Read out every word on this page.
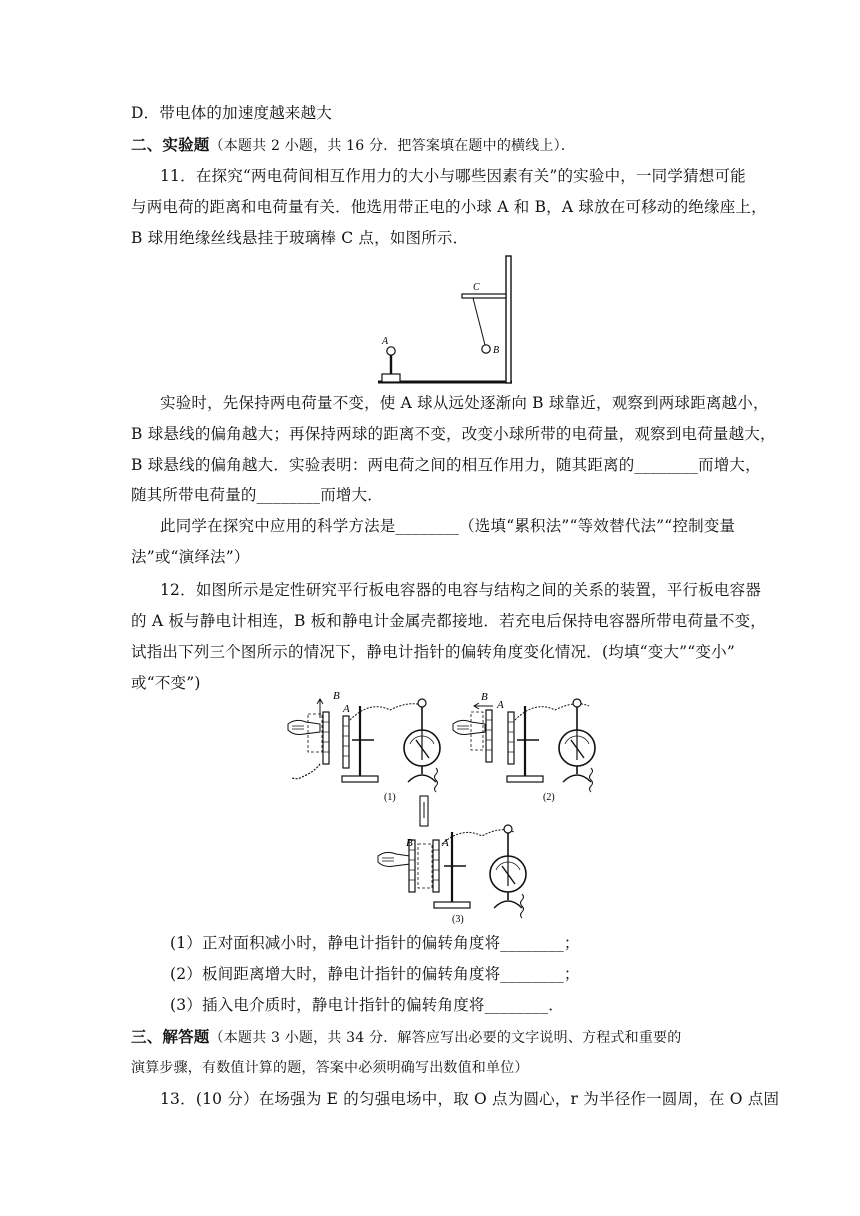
D．带电体的加速度越来越大
二、实验题（本题共 2 小题，共 16 分．把答案填在题中的横线上）．
11．在探究“两电荷间相互作用力的大小与哪些因素有关”的实验中，一同学猜想可能
与两电荷的距离和电荷量有关．他选用带正电的小球 A 和 B，A 球放在可移动的绝缘座上，
B 球用绝缘丝线悬挂于玻璃棒 C 点，如图所示．
A
B
C
实验时，先保持两电荷量不变，使 A 球从远处逐渐向 B 球靠近，观察到两球距离越小，
B 球悬线的偏角越大；再保持两球的距离不变，改变小球所带的电荷量，观察到电荷量越大，
B 球悬线的偏角越大．实验表明：两电荷之间的相互作用力，随其距离的________而增大，
随其所带电荷量的________而增大．
此同学在探究中应用的科学方法是________（选填“累积法”“等效替代法”“控制变量
法”或“演绎法”）
12．如图所示是定性研究平行板电容器的电容与结构之间的关系的装置，平行板电容器
的 A 板与静电计相连，B 板和静电计金属壳都接地．若充电后保持电容器所带电荷量不变，
试指出下列三个图所示的情况下，静电计指针的偏转角度变化情况．(均填“变大”“变小”
或“不变”)
B
A
(1)
B
A
(2)
B	A
(3)
(1）正对面积减小时，静电计指针的偏转角度将________；
(2）板间距离增大时，静电计指针的偏转角度将________；
(3）插入电介质时，静电计指针的偏转角度将________．
三、解答题（本题共 3 小题，共 34 分．解答应写出必要的文字说明、方程式和重要的
演算步骤，有数值计算的题，答案中必须明确写出数值和单位）
13．(10 分）在场强为 E 的匀强电场中，取 O 点为圆心，r 为半径作一圆周，在 O 点固
